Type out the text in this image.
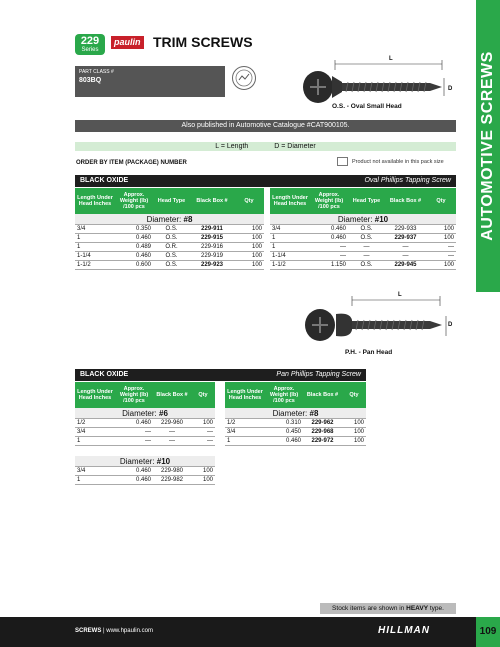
AUTOMOTIVE SCREWS
229
Series
paulin TRIM SCREWS
PART CLASS #
803BQ
L
D
O.S. - Oval Small Head
Also published in Automotive Catalogue #CAT900105.
L = Length	D = Diameter
ORDER BY ITEM (PACKAGE) NUMBER	Product not available in this pack size
BLACK OXIDE	Oval Phillips Tapping Screw
Length Under Head Inches
Approx. Weight (lb) /100 pcs
Head Type	Black Box #	Qty
Diameter: #8
3/4	0.350	O.S.	229-911	100
1	0.460	O.S.	229-915	100
1	0.489	O.R.	229-916	100
1-1/4	0.460	O.S.	229-919	100
1-1/2	0.600	O.S.	229-923	100
Length Under Head Inches
Approx. Weight (lb) /100 pcs
Head Type	Black Box #	Qty
Diameter: #10
3/4	0.460	O.S.	229-933	100
1	0.460	O.S.	229-937	100
1	—	—	—	—
1-1/4	—	—	—	—
1-1/2	1.150	O.S.	229-945	100
L
D
P.H. - Pan Head
BLACK OXIDE	Pan Phillips Tapping Screw
Length Under Head Inches
Approx. Weight (lb) /100 pcs
Black Box #	Qty
Diameter: #6
1/2	0.460	229-960	100
3/4	—	—	—
1	—	—	—
Length Under Head Inches
Approx. Weight (lb) /100 pcs
Black Box #	Qty
Diameter: #8
1/2	0.310	229-962	100
3/4	0.450	229-968	100
1	0.460	229-972	100
Diameter: #10
3/4	0.460	229-980	100
1	0.460	229-982	100
Stock items are shown in HEAVY type.
SCREWS | www.hpaulin.com	HILLMAN	109
